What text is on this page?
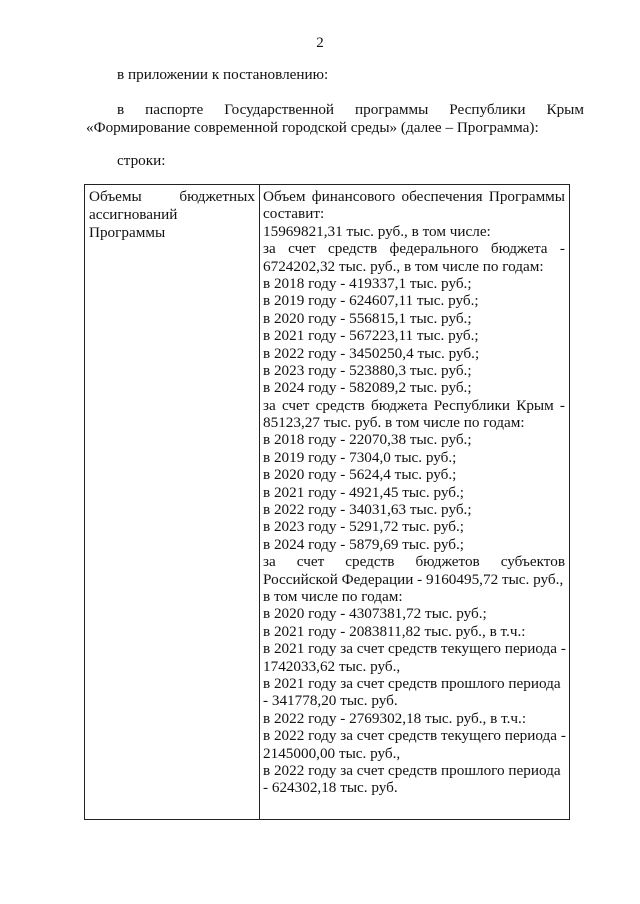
2

в приложении к постановлению:

в паспорте Государственной программы Республики Крым «Формирование современной городской среды» (далее – Программа):

строки:

Объемы бюджетных
ассигнований Программы
Объем финансового обеспечения Программы
составит:
15969821,31 тыс. руб., в том числе:
за счет средств федерального бюджета -
6724202,32 тыс. руб., в том числе по годам:
в 2018 году - 419337,1 тыс. руб.;
в 2019 году - 624607,11 тыс. руб.;
в 2020 году - 556815,1 тыс. руб.;
в 2021 году - 567223,11 тыс. руб.;
в 2022 году - 3450250,4 тыс. руб.;
в 2023 году - 523880,3 тыс. руб.;
в 2024 году - 582089,2 тыс. руб.;
за счет средств бюджета Республики Крым -
85123,27 тыс. руб. в том числе по годам:
в 2018 году - 22070,38 тыс. руб.;
в 2019 году - 7304,0 тыс. руб.;
в 2020 году - 5624,4 тыс. руб.;
в 2021 году - 4921,45 тыс. руб.;
в 2022 году - 34031,63 тыс. руб.;
в 2023 году - 5291,72 тыс. руб.;
в 2024 году - 5879,69 тыс. руб.;
за счет средств бюджетов субъектов
Российской Федерации - 9160495,72 тыс. руб.,
в том числе по годам:
в 2020 году - 4307381,72 тыс. руб.;
в 2021 году - 2083811,82 тыс. руб., в т.ч.:
в 2021 году за счет средств текущего периода -
1742033,62 тыс. руб.,
в 2021 году за счет средств прошлого периода
- 341778,20 тыс. руб.
в 2022 году - 2769302,18 тыс. руб., в т.ч.:
в 2022 году за счет средств текущего периода -
2145000,00 тыс. руб.,
в 2022 году за счет средств прошлого периода
- 624302,18 тыс. руб.
